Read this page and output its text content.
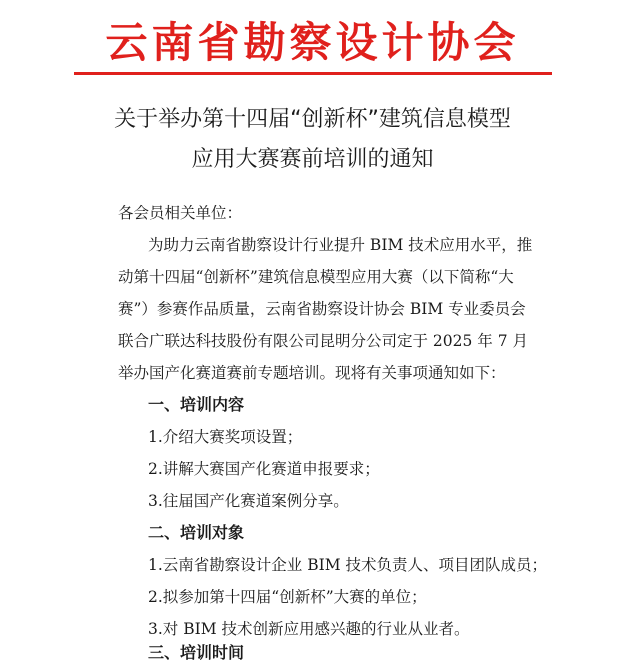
云南省勘察设计协会
关于举办第十四届“创新杯”建筑信息模型
应用大赛赛前培训的通知
各会员相关单位：
为助力云南省勘察设计行业提升 BIM 技术应用水平，推
动第十四届“创新杯”建筑信息模型应用大赛（以下简称“大
赛”）参赛作品质量，云南省勘察设计协会 BIM 专业委员会
联合广联达科技股份有限公司昆明分公司定于 2025 年 7 月
举办国产化赛道赛前专题培训。现将有关事项通知如下：
一、培训内容
1.介绍大赛奖项设置；
2.讲解大赛国产化赛道申报要求；
3.往届国产化赛道案例分享。
二、培训对象
1.云南省勘察设计企业 BIM 技术负责人、项目团队成员；
2.拟参加第十四届“创新杯”大赛的单位；
3.对 BIM 技术创新应用感兴趣的行业从业者。
三、培训时间
